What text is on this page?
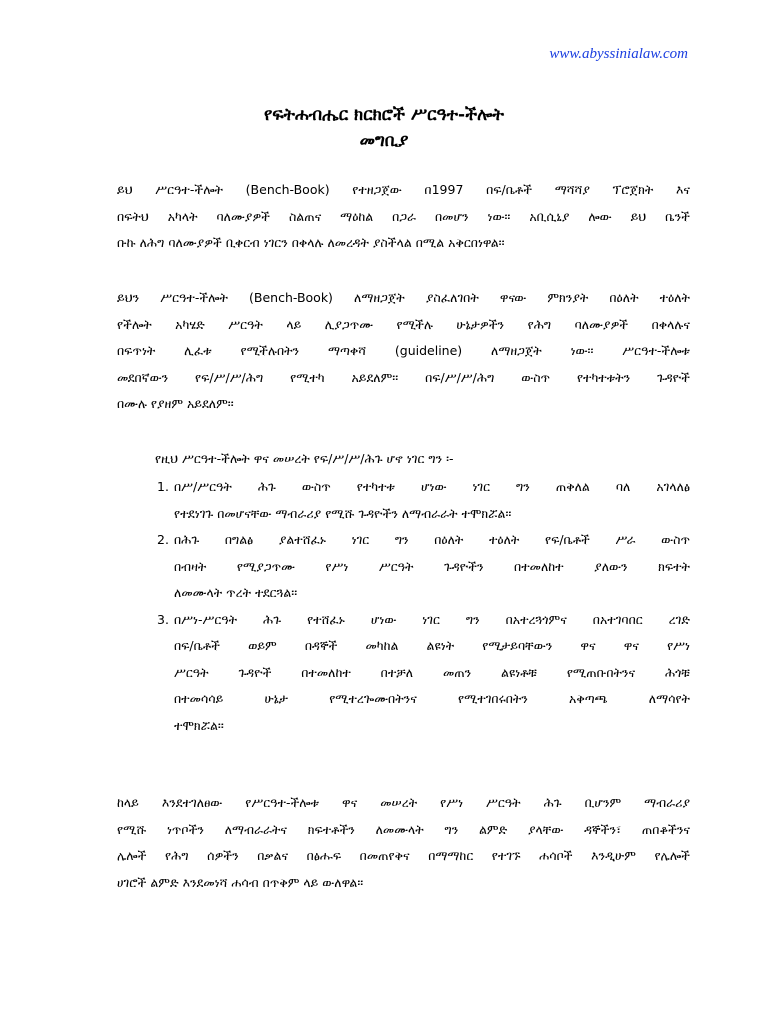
www.abyssinialaw.com
የፍትሐብሔር ክርክሮች ሥርዓተ-ችሎት
መግቢያ
ይህ ሥርዓተ-ችሎት (Bench-Book) የተዘጋጀው በ1997 በፍ/ቤቶች ማሻሻያ ፕሮጀክት እና
በፍትህ አካላት ባለሙያዎች ስልጠና ማዕከል በጋራ በመሆን ነው፡፡ አቢሲኒያ ሎው ይህ ቤንች
ቡኩ ለሕግ ባለሙያዎች ቢቀርብ ነገርን በቀላሉ ለመረዳት ያስችላል በሚል አቅርበነዋል፡፡
ይህን ሥርዓተ-ችሎት (Bench-Book) ለማዘጋጀት ያስፈለገበት ዋናው ምክንያት በዕለት ተዕለት
የችሎት አካሄድ ሥርዓት ላይ ሊያጋጥሙ የሚችሉ ሁኔታዎችን የሕግ ባለሙያዎች በቀላሉና
በፍጥነት ሊፈቱ የሚችሉበትን ማጣቀሻ (guideline) ለማዘጋጀት ነው፡፡ ሥርዓተ-ችሎቱ
መደበኛውን የፍ/ሥ/ሥ/ሕግ የሚተካ አይደለም፡፡ በፍ/ሥ/ሥ/ሕግ ውስጥ የተካተቱትን ጉዳዮች
በሙሉ የያዘም አይደለም፡፡
የዚህ ሥርዓተ-ችሎት ዋና መሠረት የፍ/ሥ/ሥ/ሕጉ ሆኖ ነገር ግን ፡-
1. በሥ/ሥርዓት ሕጉ ውስጥ የተካተቱ ሆነው ነገር ግን ጠቅለል ባለ አገላለፅ
የተደነገጉ በመሆናቸው ማብራሪያ የሚሹ ጉዳዮችን ለማብራራት ተሞክሯል፡፡
2. በሕጉ በግልፅ ያልተሸፈኑ ነገር ግን በዕለት ተዕለት የፍ/ቤቶች ሥራ ውስጥ
በብዛት የሚያጋጥሙ የሥነ ሥርዓት ጉዳዮችን በተመለከተ ያለውን ክፍተት
ለመሙላት ጥረት ተደርጓል፡፡
3. በሥነ-ሥርዓት ሕጉ የተሸፈኑ ሆነው ነገር ግን በአተረጓጎምና በአተገባበር ረገድ
በፍ/ቤቶች ወይም በዳኞች መካከል ልዩነት የሚታይባቸውን ዋና ዋና የሥነ
ሥርዓት ጉዳዮች በተመለከተ በተቻለ መጠን ልዩነቶቹ የሚጠቡበትንና ሕጎቹ
በተመሳሳይ ሁኔታ የሚተረጐሙበትንና የሚተገበሩበትን አቅጣጫ ለማሳየት
ተሞክሯል፡፡
ከላይ እንደተገለፀው የሥርዓተ-ችሎቱ ዋና መሠረት የሥነ ሥርዓት ሕጉ ቢሆንም ማብራሪያ
የሚሹ ነጥቦችን ለማብራራትና ክፍተቶችን ለመሙላት ግን ልምድ ያላቸው ዳኞችን፣ ጠበቆችንና
ሌሎች የሕግ ሰዎችን በቃልና በፅሑፍ በመጠየቅና በማማከር የተገኙ ሐሳቦች እንዲሁም የሌሎች
ሀገሮች ልምድ እንደመነሻ ሐሳብ በጥቅም ላይ ውለዋል፡፡
